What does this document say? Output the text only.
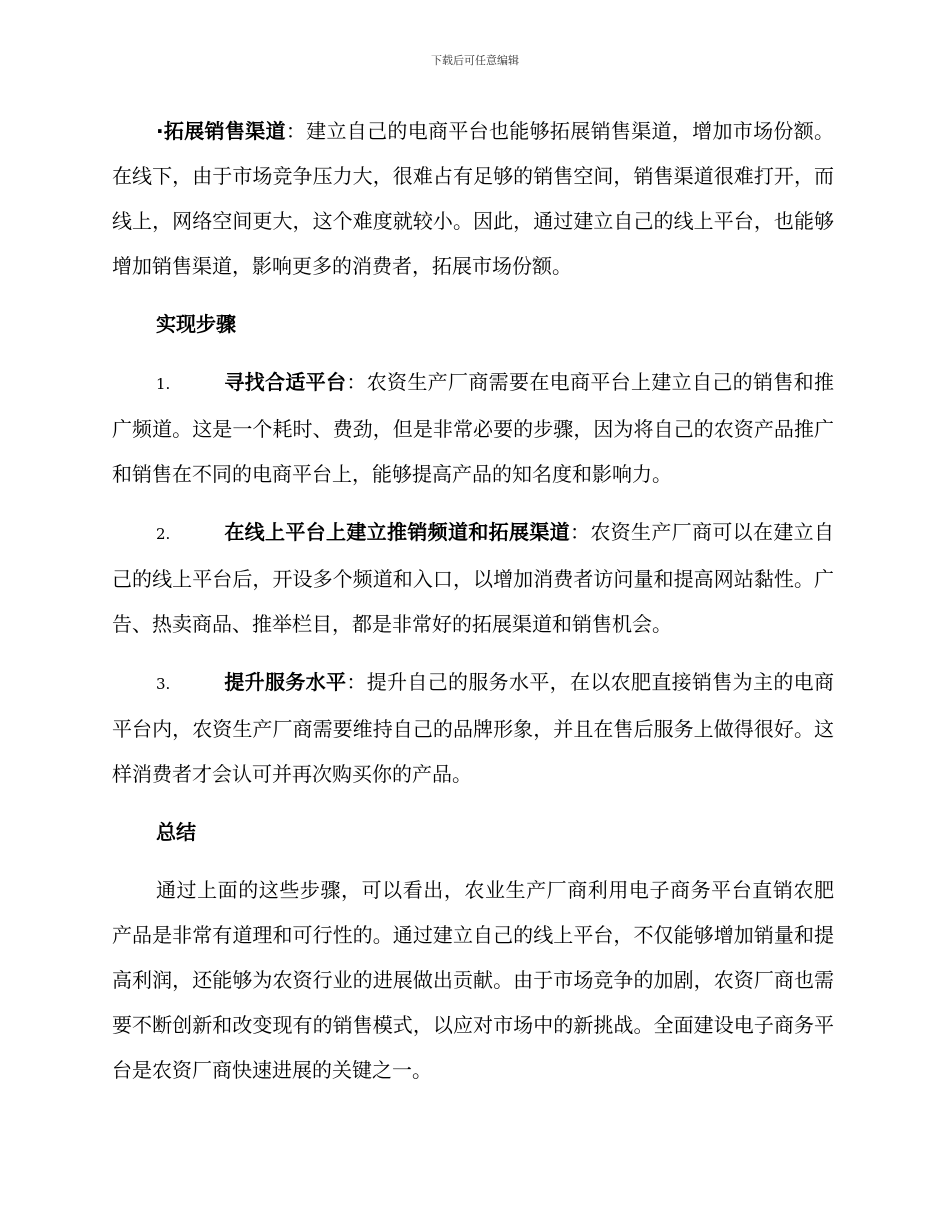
下载后可任意编辑

·拓展销售渠道：建立自己的电商平台也能够拓展销售渠道，增加市场份额。在线下，由于市场竞争压力大，很难占有足够的销售空间，销售渠道很难打开，而线上，网络空间更大，这个难度就较小。因此，通过建立自己的线上平台，也能够增加销售渠道，影响更多的消费者，拓展市场份额。

实现步骤

1.	寻找合适平台：农资生产厂商需要在电商平台上建立自己的销售和推广频道。这是一个耗时、费劲，但是非常必要的步骤，因为将自己的农资产品推广和销售在不同的电商平台上，能够提高产品的知名度和影响力。

2.	在线上平台上建立推销频道和拓展渠道：农资生产厂商可以在建立自己的线上平台后，开设多个频道和入口，以增加消费者访问量和提高网站黏性。广告、热卖商品、推举栏目，都是非常好的拓展渠道和销售机会。

3.	提升服务水平：提升自己的服务水平，在以农肥直接销售为主的电商平台内，农资生产厂商需要维持自己的品牌形象，并且在售后服务上做得很好。这样消费者才会认可并再次购买你的产品。

总结

通过上面的这些步骤，可以看出，农业生产厂商利用电子商务平台直销农肥产品是非常有道理和可行性的。通过建立自己的线上平台，不仅能够增加销量和提高利润，还能够为农资行业的进展做出贡献。由于市场竞争的加剧，农资厂商也需要不断创新和改变现有的销售模式，以应对市场中的新挑战。全面建设电子商务平台是农资厂商快速进展的关键之一。
